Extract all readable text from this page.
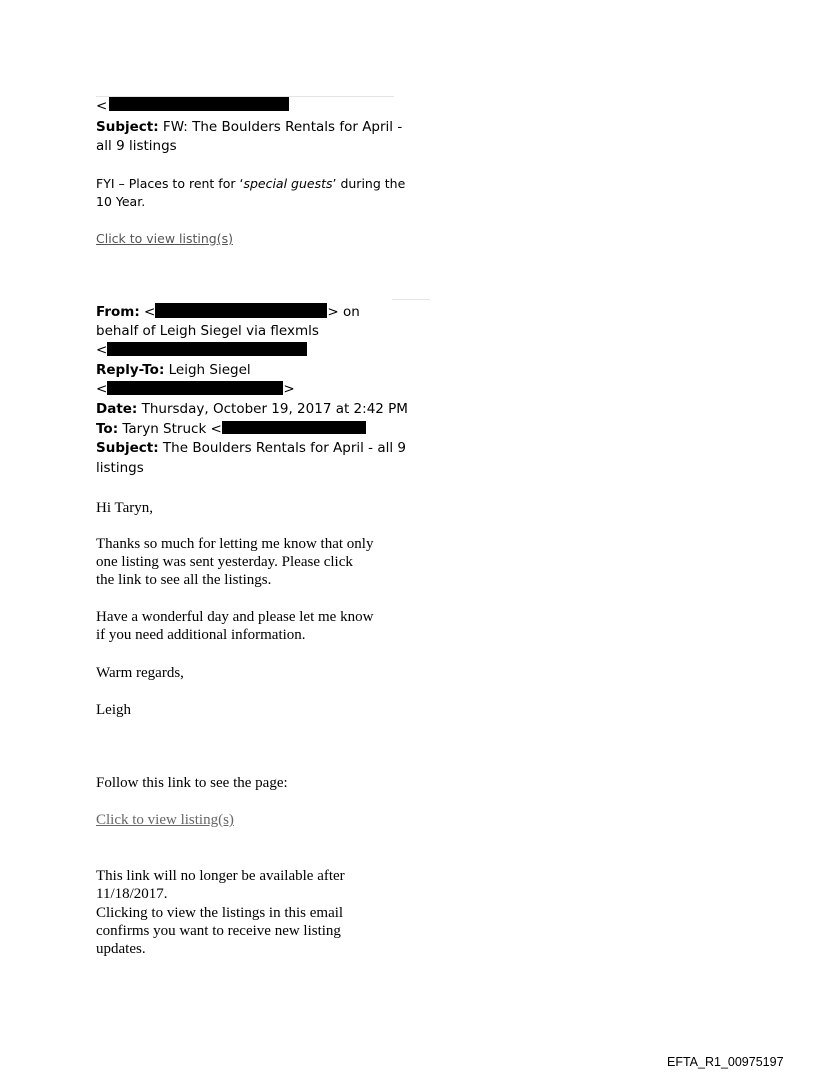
<
Subject: FW: The Boulders Rentals for April -
all 9 listings
FYI – Places to rent for ‘special guests’ during the
10 Year.
Click to view listing(s)
From: <	> on
behalf of Leigh Siegel via flexmls
<
Reply-To: Leigh Siegel
<	>
Date: Thursday, October 19, 2017 at 2:42 PM
To: Taryn Struck <
Subject: The Boulders Rentals for April - all 9
listings
Hi Taryn,
Thanks so much for letting me know that only
one listing was sent yesterday. Please click
the link to see all the listings.
Have a wonderful day and please let me know
if you need additional information.
Warm regards,
Leigh
Follow this link to see the page:
Click to view listing(s)
This link will no longer be available after
11/18/2017.
Clicking to view the listings in this email
confirms you want to receive new listing
updates.
EFTA_R1_00975197
